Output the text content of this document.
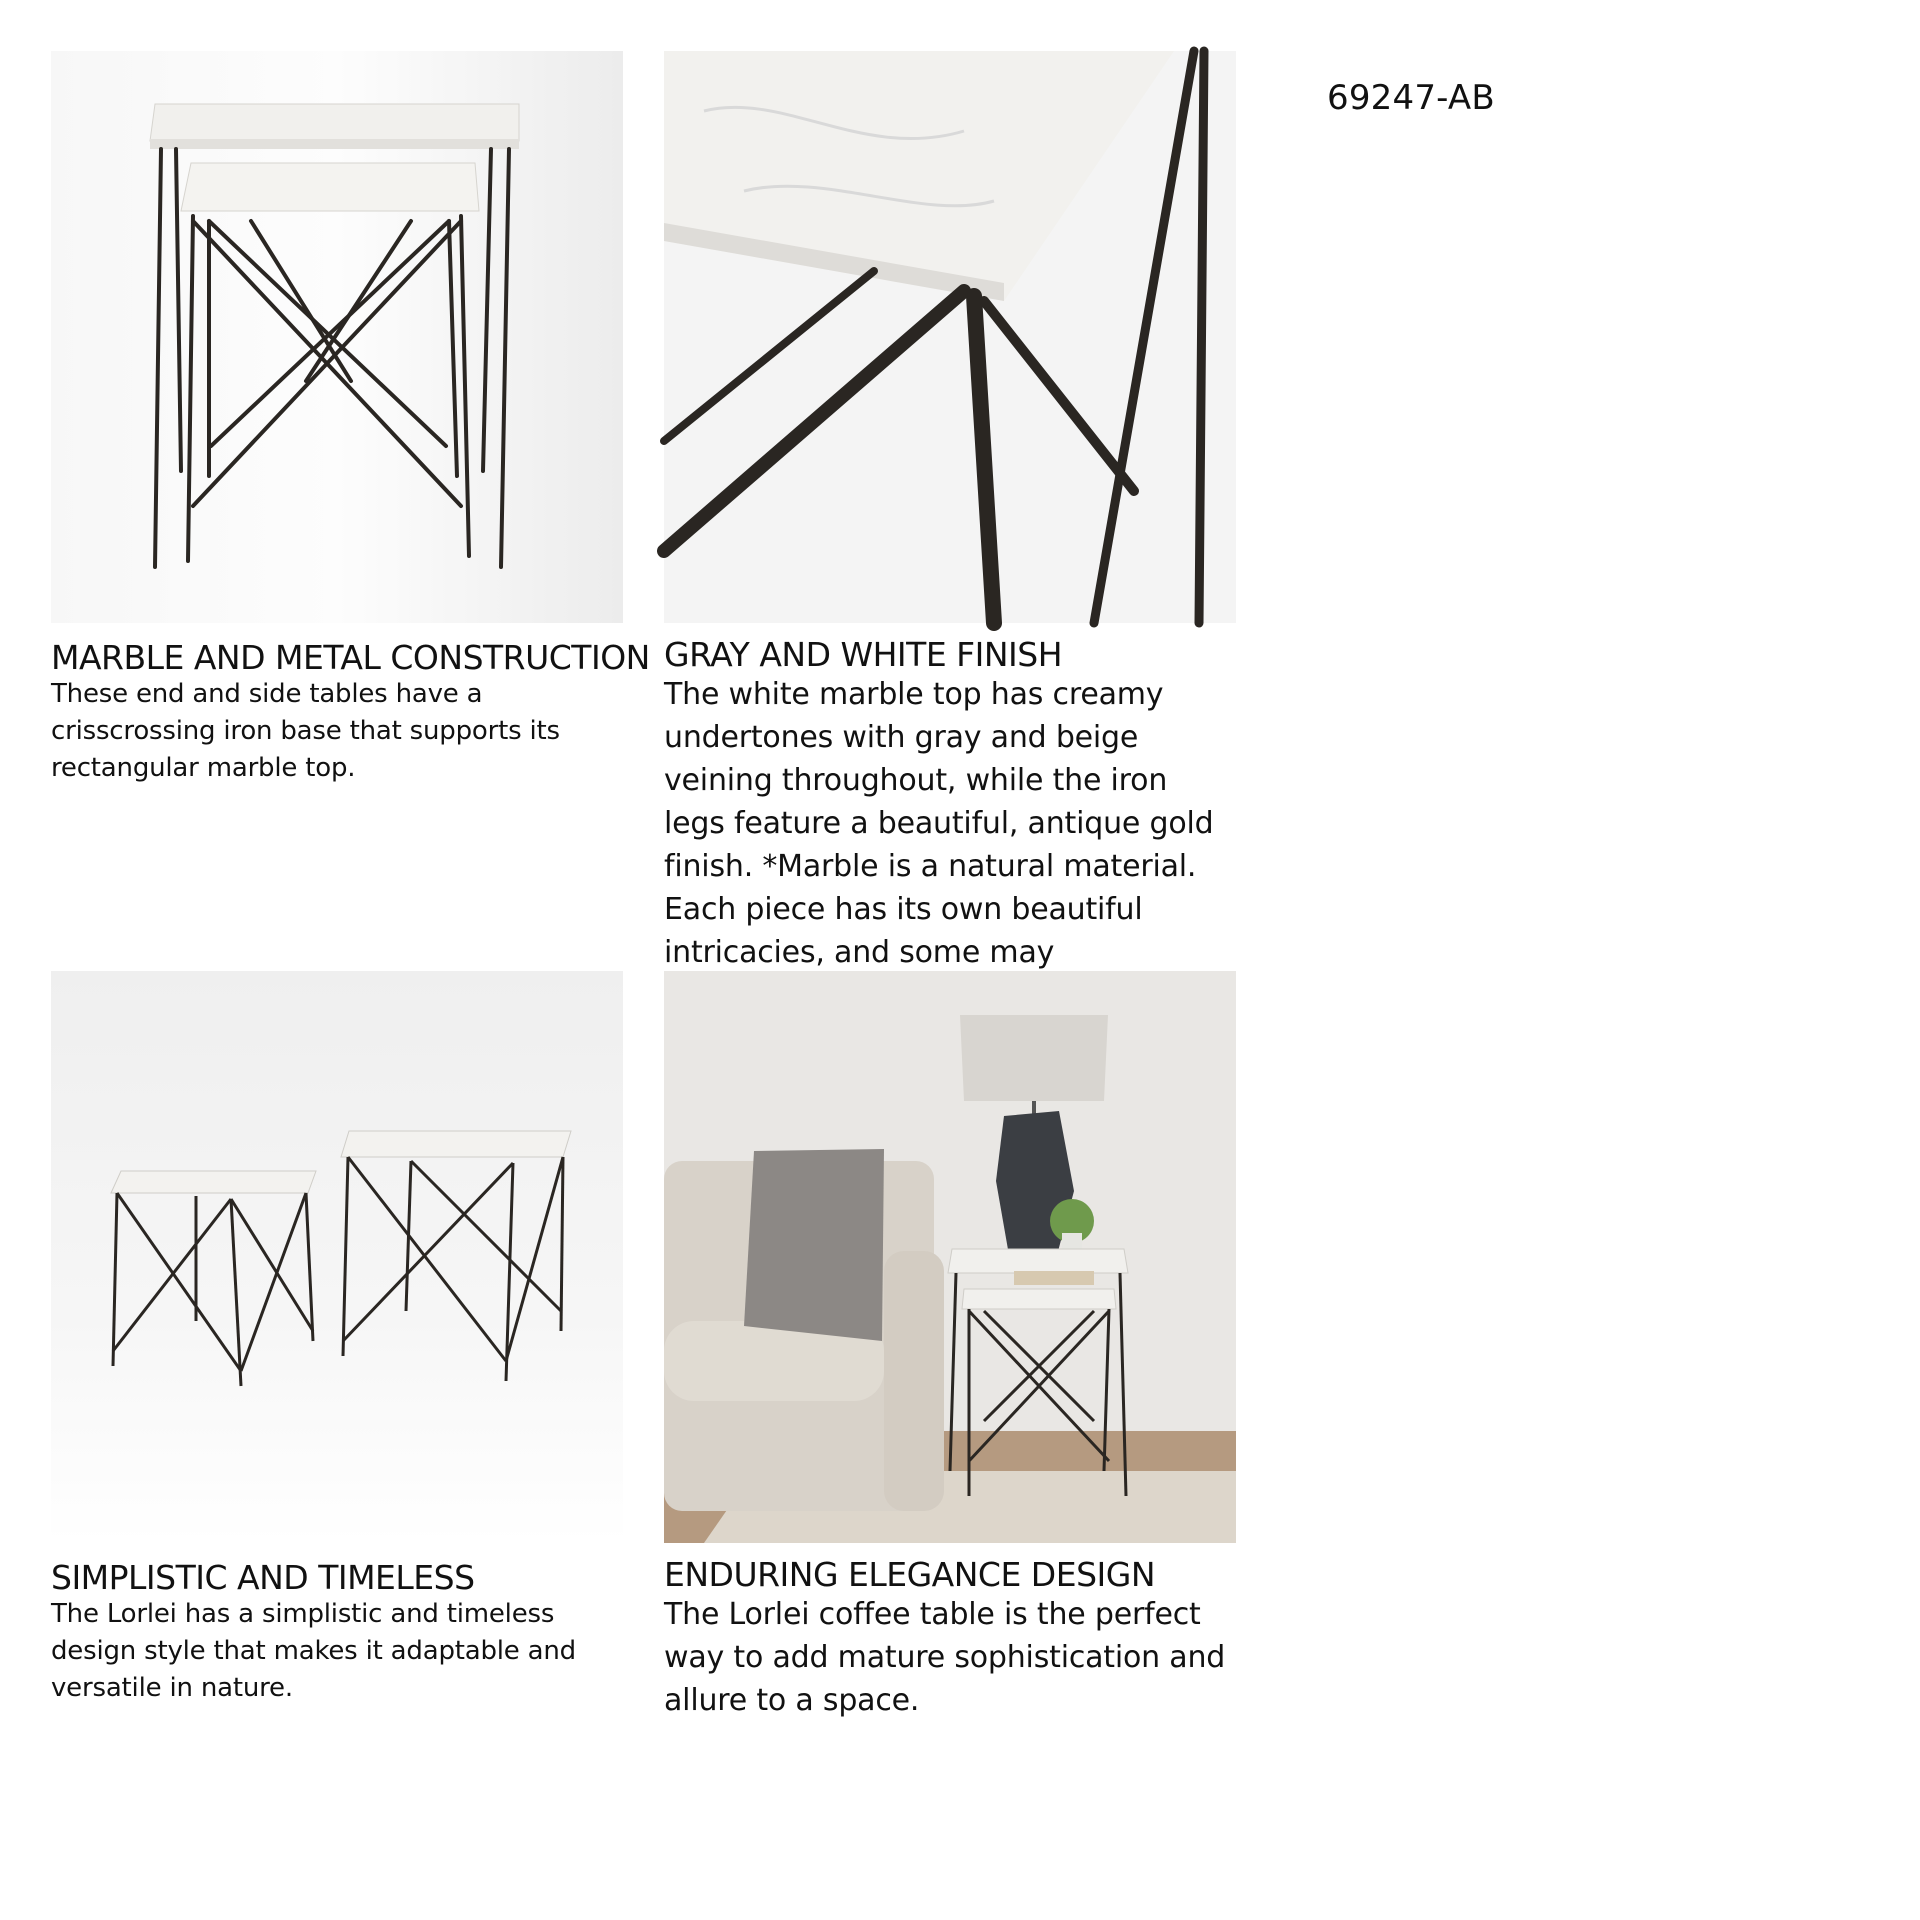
69247-AB
MARBLE AND METAL CONSTRUCTION

These end and side tables have a crisscrossing iron base that supports its rectangular marble top.

GRAY AND WHITE FINISH

The white marble top has creamy undertones with gray and beige veining throughout, while the iron legs feature a beautiful, antique gold finish. *Marble is a natural material. Each piece has its own beautiful intricacies, and some may

SIMPLISTIC AND TIMELESS

The Lorlei has a simplistic and timeless design style that makes it adaptable and versatile in nature.

ENDURING ELEGANCE DESIGN

The Lorlei coffee table is the perfect way to add mature sophistication and allure to a space.
